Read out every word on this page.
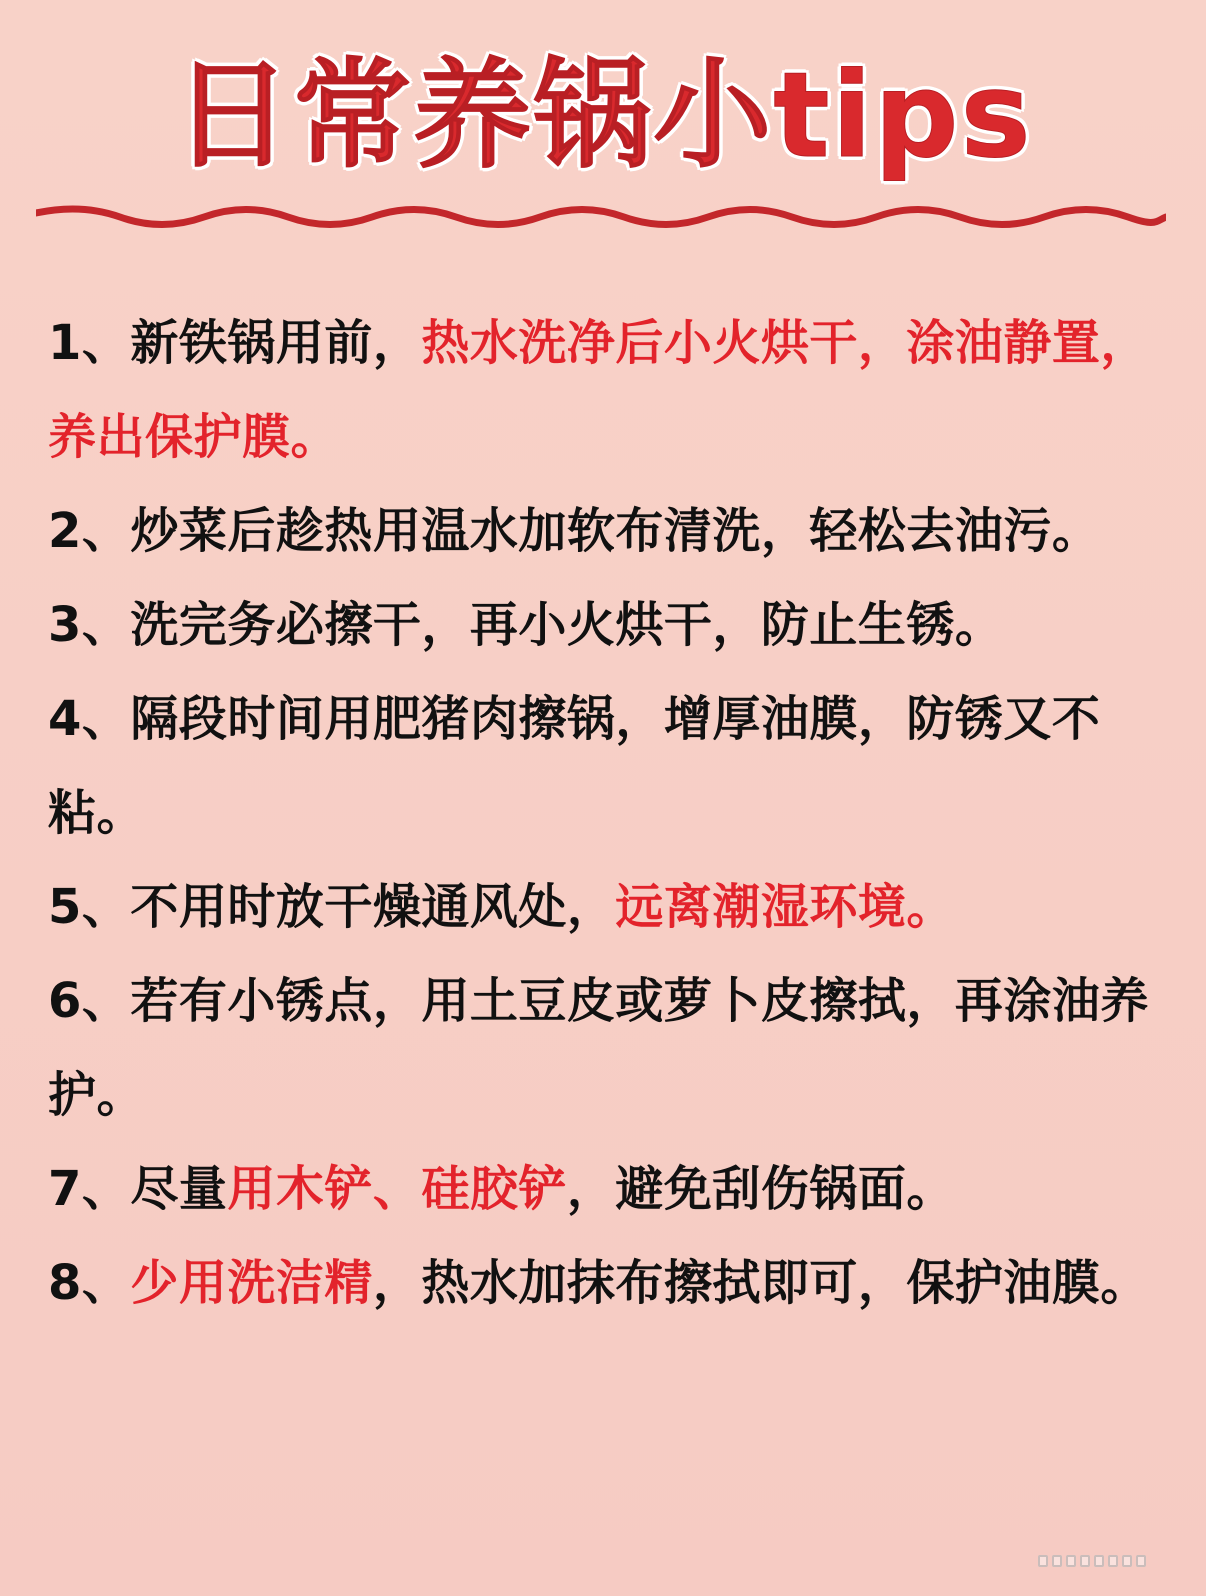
日常养锅小tips

1、新铁锅用前，热水洗净后小火烘干，涂油静置，养出保护膜。

2、炒菜后趁热用温水加软布清洗，轻松去油污。

3、洗完务必擦干，再小火烘干，防止生锈。

4、隔段时间用肥猪肉擦锅，增厚油膜，防锈又不粘。

5、不用时放干燥通风处，远离潮湿环境。

6、若有小锈点，用土豆皮或萝卜皮擦拭，再涂油养护。

7、尽量用木铲、硅胶铲，避免刮伤锅面。

8、少用洗洁精，热水加抹布擦拭即可，保护油膜。
